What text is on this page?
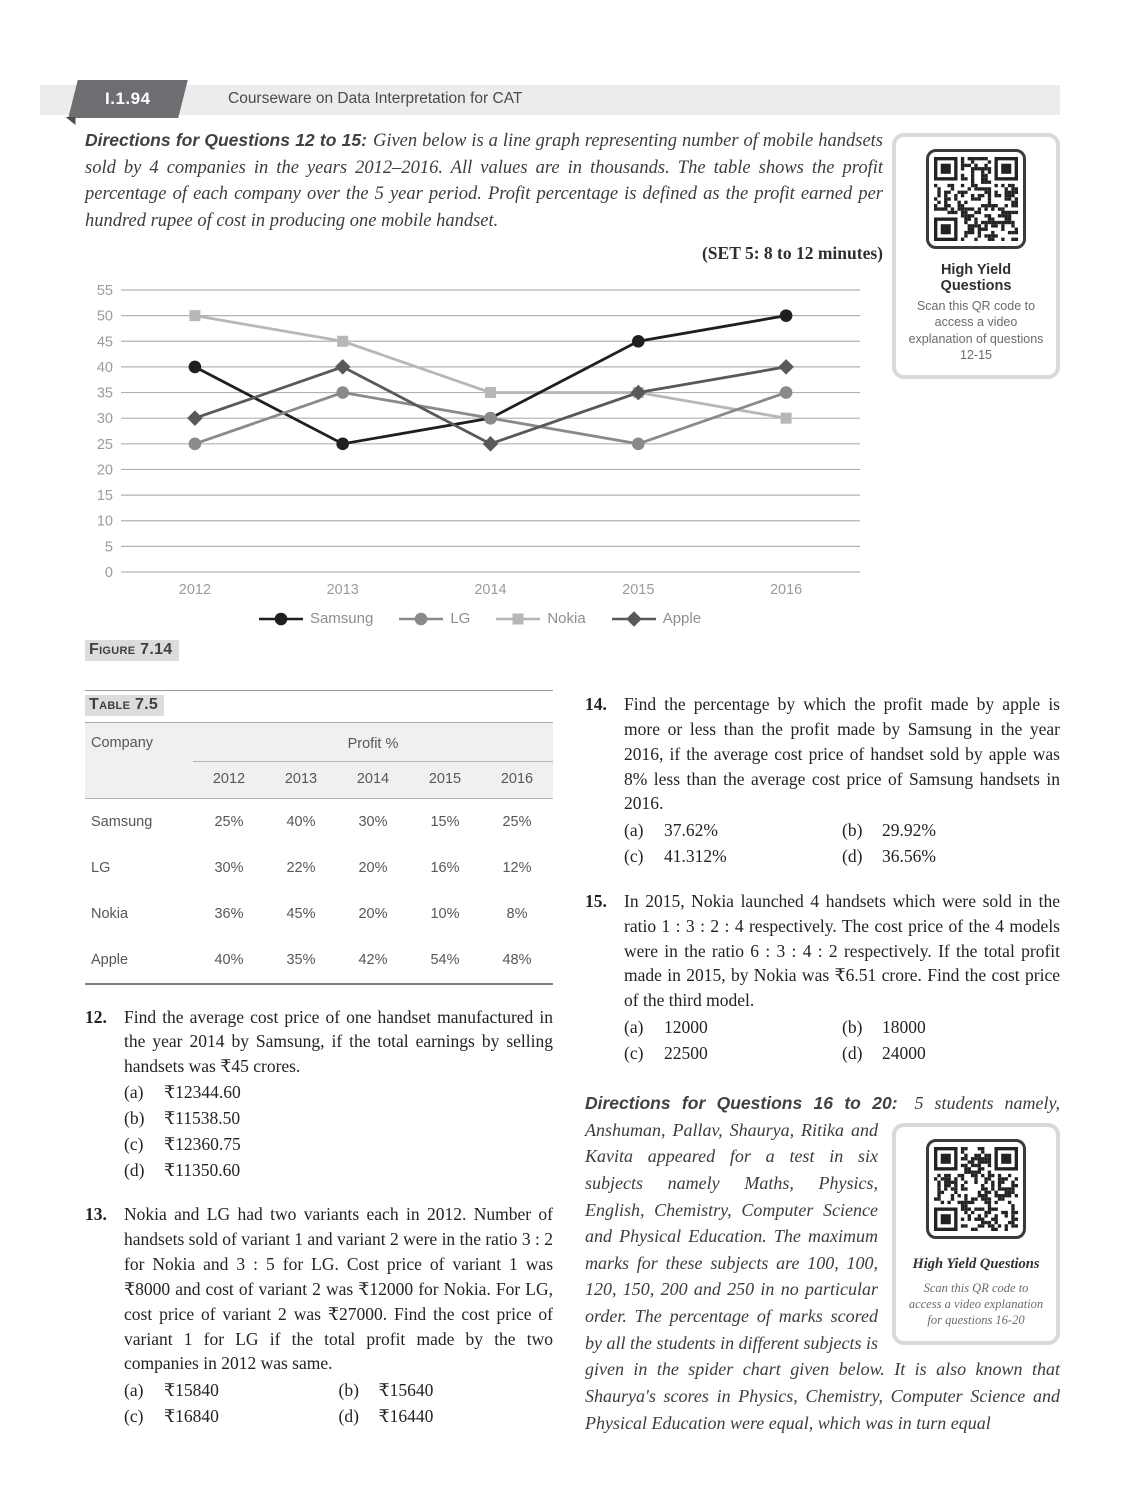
I.1.94	Courseware on Data Interpretation for CAT

Directions for Questions 12 to 15: Given below is a line graph representing number of mobile handsets sold by 4 companies in the years 2012–2016. All values are in thousands. The table shows the profit percentage of each company over the 5 year period. Profit percentage is defined as the profit earned per hundred rupee of cost in producing one mobile handset.

(SET 5: 8 to 12 minutes)
High Yield Questions
Scan this QR code to access a video explanation of questions 12-15
0
5
10
15
20
25
30
35
40
45
50
55
2012	2013	2014	2015	2016
Samsung	LG	Nokia	Apple
Figure 7.14
Table 7.5
Company	Profit %				
	2012	2013	2014	2015	2016
Samsung	25%	40%	30%	15%	25%
LG	30%	22%	20%	16%	12%
Nokia	36%	45%	20%	10%	8%
Apple	40%	35%	42%	54%	48%
12. Find the average cost price of one handset manufactured in the year 2014 by Samsung, if the total earnings by selling handsets was ₹45 crores.
(a)	₹12344.60
(b)	₹11538.50
(c)	₹12360.75
(d)	₹11350.60
13. Nokia and LG had two variants each in 2012. Number of handsets sold of variant 1 and variant 2 were in the ratio 3 : 2 for Nokia and 3 : 5 for LG. Cost price of variant 1 was ₹8000 and cost of variant 2 was ₹12000 for Nokia. For LG, cost price of variant 2 was ₹27000. Find the cost price of variant 1 for LG if the total profit made by the two companies in 2012 was same.
(a)	₹15840	(b)	₹15640
(c)	₹16840	(d)	₹16440
14. Find the percentage by which the profit made by apple is more or less than the profit made by Samsung in the year 2016, if the average cost price of handset sold by apple was 8% less than the average cost price of Samsung handsets in 2016.
(a)	37.62%	(b)	29.92%
(c)	41.312%	(d)	36.56%
15. In 2015, Nokia launched 4 handsets which were sold in the ratio 1 : 3 : 2 : 4 respectively. The cost price of the 4 models were in the ratio 6 : 3 : 4 : 2 respectively. If the total profit made in 2015, by Nokia was ₹6.51 crore. Find the cost price of the third model.
(a)	12000	(b)	18000
(c)	22500	(d)	24000

Directions for Questions 16 to 20: 5 students namely,
High Yield Questions
Scan this QR code to access a video explanation for questions 16-20
Anshuman, Pallav, Shaurya, Ritika and Kavita appeared for a test in six subjects namely Maths, Physics, English, Chemistry, Computer Science and Physical Education. The maximum marks for these subjects are 100, 100, 120, 150, 200 and 250 in no particular order. The percentage of marks scored by all the students in different subjects is given in the spider chart given below. It is also known that Shaurya's scores in Physics, Chemistry, Computer Science and Physical Education were equal, which was in turn equal
